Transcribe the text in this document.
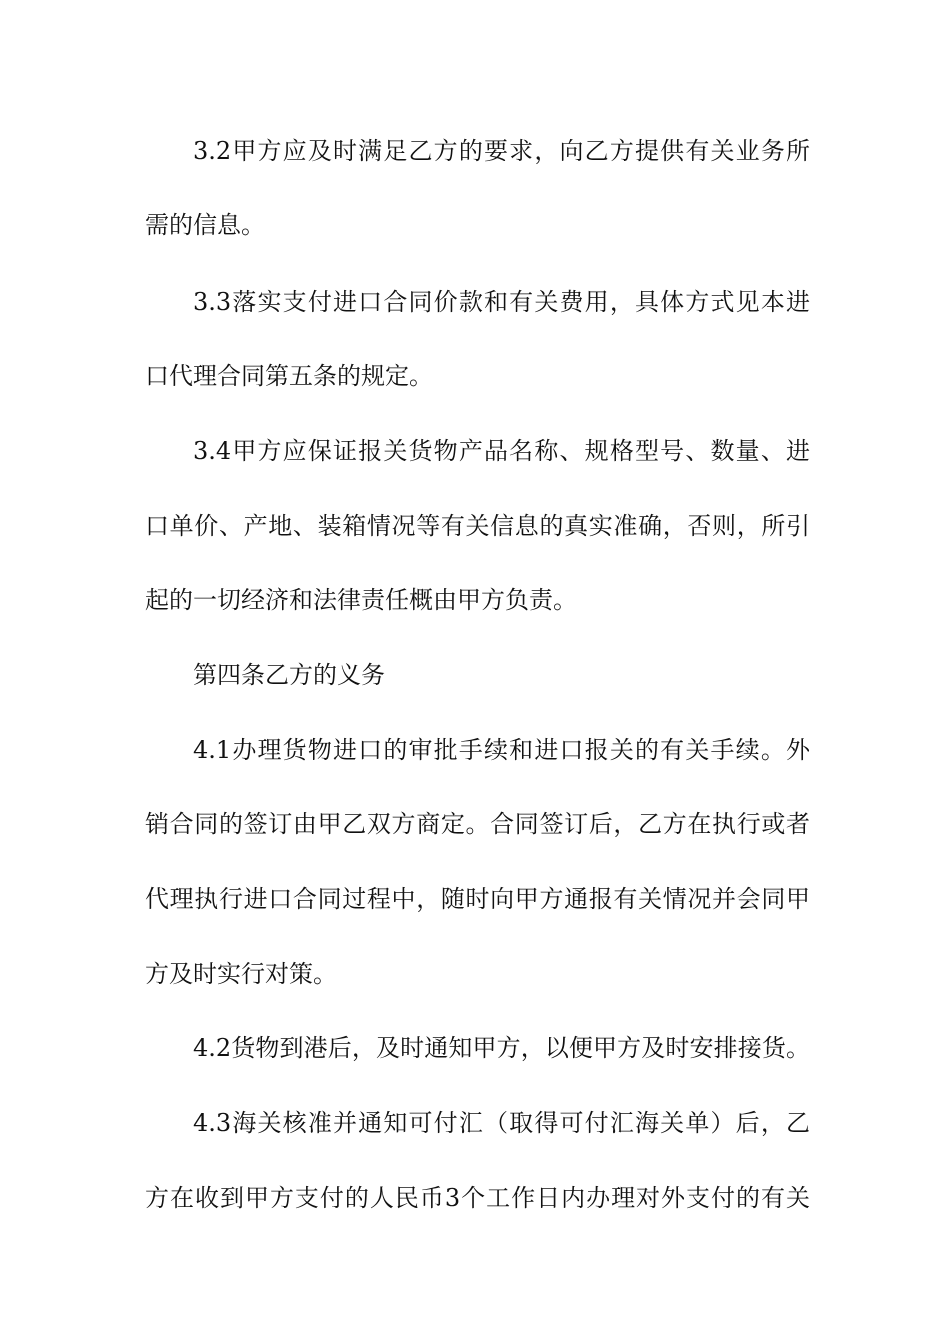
3.2甲方应及时满足乙方的要求，向乙方提供有关业务所
需的信息。
3.3落实支付进口合同价款和有关费用，具体方式见本进
口代理合同第五条的规定。
3.4甲方应保证报关货物产品名称、规格型号、数量、进
口单价、产地、装箱情况等有关信息的真实准确，否则，所引
起的一切经济和法律责任概由甲方负责。
第四条乙方的义务
4.1办理货物进口的审批手续和进口报关的有关手续。外
销合同的签订由甲乙双方商定。合同签订后，乙方在执行或者
代理执行进口合同过程中，随时向甲方通报有关情况并会同甲
方及时实行对策。
4.2货物到港后，及时通知甲方，以便甲方及时安排接货。
4.3海关核准并通知可付汇（取得可付汇海关单）后，乙
方在收到甲方支付的人民币3个工作日内办理对外支付的有关
